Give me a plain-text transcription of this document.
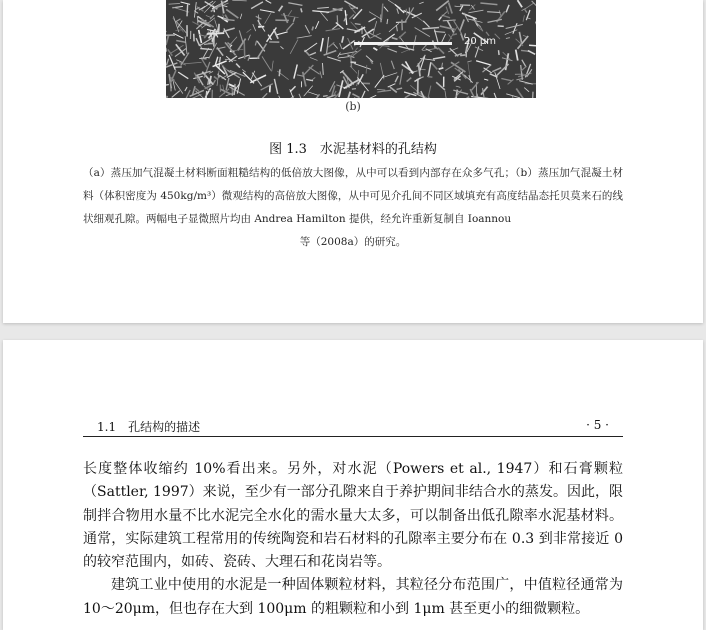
20 μm
(b)
图 1.3　水泥基材料的孔结构
（a）蒸压加气混凝土材料断面粗糙结构的低倍放大图像，从中可以看到内部存在众多气孔；（b）蒸压加气混凝土材料（体积密度为 450kg/m³）微观结构的高倍放大图像，从中可见介孔间不同区域填充有高度结晶态托贝莫来石的线状细观孔隙。两幅电子显微照片均由 Andrea Hamilton 提供，经允许重新复制自 Ioannou
等（2008a）的研究。
1.1　孔结构的描述	· 5 ·

长度整体收缩约 10%看出来。另外，对水泥（Powers et al., 1947）和石膏颗粒（Sattler, 1997）来说，至少有一部分孔隙来自于养护期间非结合水的蒸发。因此，限制拌合物用水量不比水泥完全水化的需水量大太多，可以制备出低孔隙率水泥基材料。通常，实际建筑工程常用的传统陶瓷和岩石材料的孔隙率主要分布在 0.3 到非常接近 0 的较窄范围内，如砖、瓷砖、大理石和花岗岩等。

建筑工业中使用的水泥是一种固体颗粒材料，其粒径分布范围广，中值粒径通常为 10～20μm，但也存在大到 100μm 的粗颗粒和小到 1μm 甚至更小的细微颗粒。
